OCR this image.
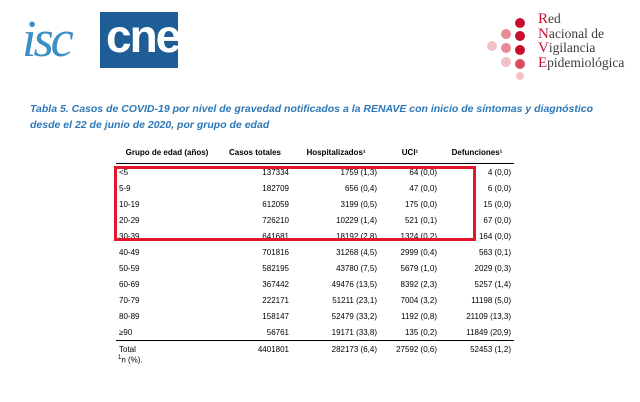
isc cne	Red
Nacional de
Vigilancia
Epidemiológica
Tabla 5. Casos de COVID-19 por nivel de gravedad notificados a la RENAVE con inicio de síntomas y diagnóstico desde el 22 de junio de 2020, por grupo de edad
Grupo de edad (años)	Casos totales	Hospitalizados¹	UCI¹	Defunciones¹
<5	137334	1759 (1,3)	64 (0,0)	4 (0,0)
5-9	182709	656 (0,4)	47 (0,0)	6 (0,0)
10-19	612059	3199 (0,5)	175 (0,0)	15 (0,0)
20-29	726210	10229 (1,4)	521 (0,1)	67 (0,0)
30-39	641681	18192 (2,8)	1324 (0,2)	164 (0,0)
40-49	701816	31268 (4,5)	2999 (0,4)	563 (0,1)
50-59	582195	43780 (7,5)	5679 (1,0)	2029 (0,3)
60-69	367442	49476 (13,5)	8392 (2,3)	5257 (1,4)
70-79	222171	51211 (23,1)	7004 (3,2)	11198 (5,0)
80-89	158147	52479 (33,2)	1192 (0,8)	21109 (13,3)
≥90	56761	19171 (33,8)	135 (0,2)	11849 (20,9)
Total	4401801	282173 (6,4)	27592 (0,6)	52453 (1,2)
$^1$n (%).
